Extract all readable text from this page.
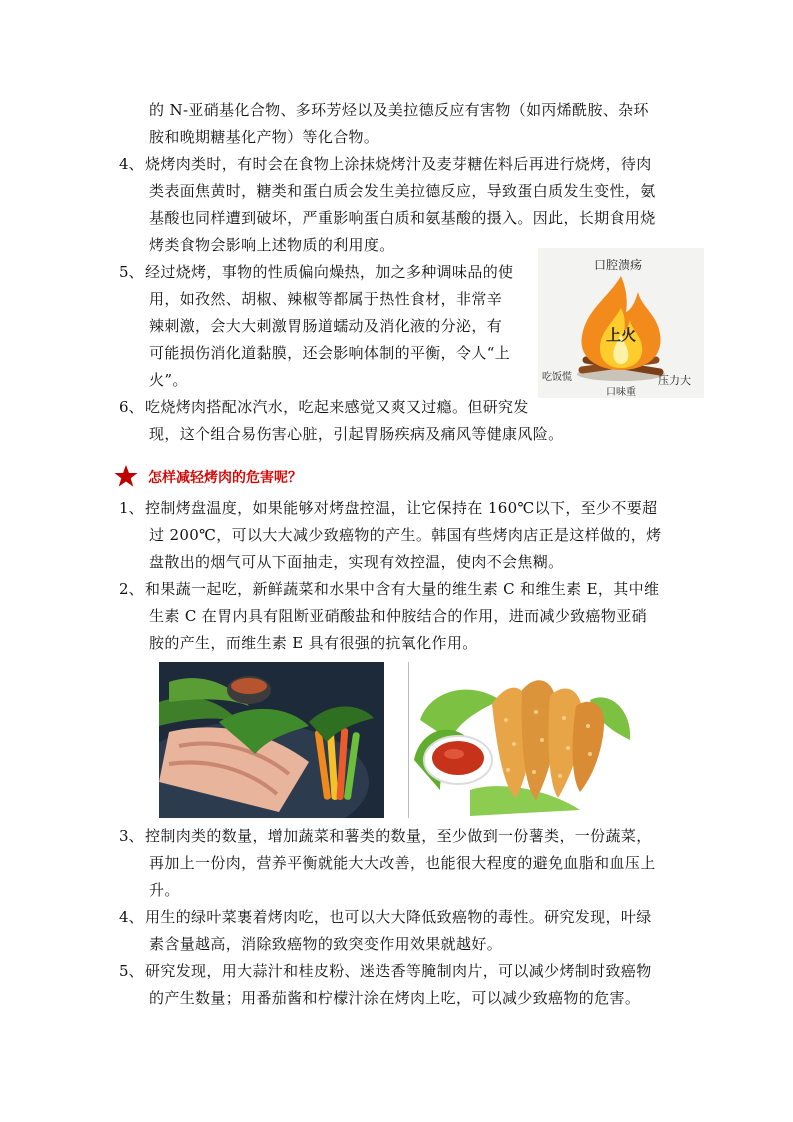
的 N-亚硝基化合物、多环芳烃以及美拉德反应有害物（如丙烯酰胺、杂环
胺和晚期糖基化产物）等化合物。
4、 烧烤肉类时，有时会在食物上涂抹烧烤汁及麦芽糖佐料后再进行烧烤，待肉
类表面焦黄时，糖类和蛋白质会发生美拉德反应，导致蛋白质发生变性，氨
基酸也同样遭到破坏，严重影响蛋白质和氨基酸的摄入。因此，长期食用烧
烤类食物会影响上述物质的利用度。
5、 经过烧烤，事物的性质偏向燥热，加之多种调味品的使
用，如孜然、胡椒、辣椒等都属于热性食材，非常辛
辣刺激，会大大刺激胃肠道蠕动及消化液的分泌，有
可能损伤消化道黏膜，还会影响体制的平衡，令人“上
火”。
6、 吃烧烤肉搭配冰汽水，吃起来感觉又爽又过瘾。但研究发
现，这个组合易伤害心脏，引起胃肠疾病及痛风等健康风险。
口腔溃疡
上火
吃饭慌
口味重
压力大
怎样减轻烤肉的危害呢？
1、 控制烤盘温度，如果能够对烤盘控温，让它保持在 160℃以下，至少不要超
过 200℃，可以大大减少致癌物的产生。韩国有些烤肉店正是这样做的，烤
盘散出的烟气可从下面抽走，实现有效控温，使肉不会焦糊。
2、 和果蔬一起吃，新鲜蔬菜和水果中含有大量的维生素 C 和维生素 E，其中维
生素 C 在胃内具有阻断亚硝酸盐和仲胺结合的作用，进而减少致癌物亚硝
胺的产生，而维生素 E 具有很强的抗氧化作用。
3、 控制肉类的数量，增加蔬菜和薯类的数量，至少做到一份薯类，一份蔬菜，
再加上一份肉，营养平衡就能大大改善，也能很大程度的避免血脂和血压上
升。
4、 用生的绿叶菜裹着烤肉吃，也可以大大降低致癌物的毒性。研究发现，叶绿
素含量越高，消除致癌物的致突变作用效果就越好。
5、 研究发现，用大蒜汁和桂皮粉、迷迭香等腌制肉片，可以减少烤制时致癌物
的产生数量；用番茄酱和柠檬汁涂在烤肉上吃，可以减少致癌物的危害。
